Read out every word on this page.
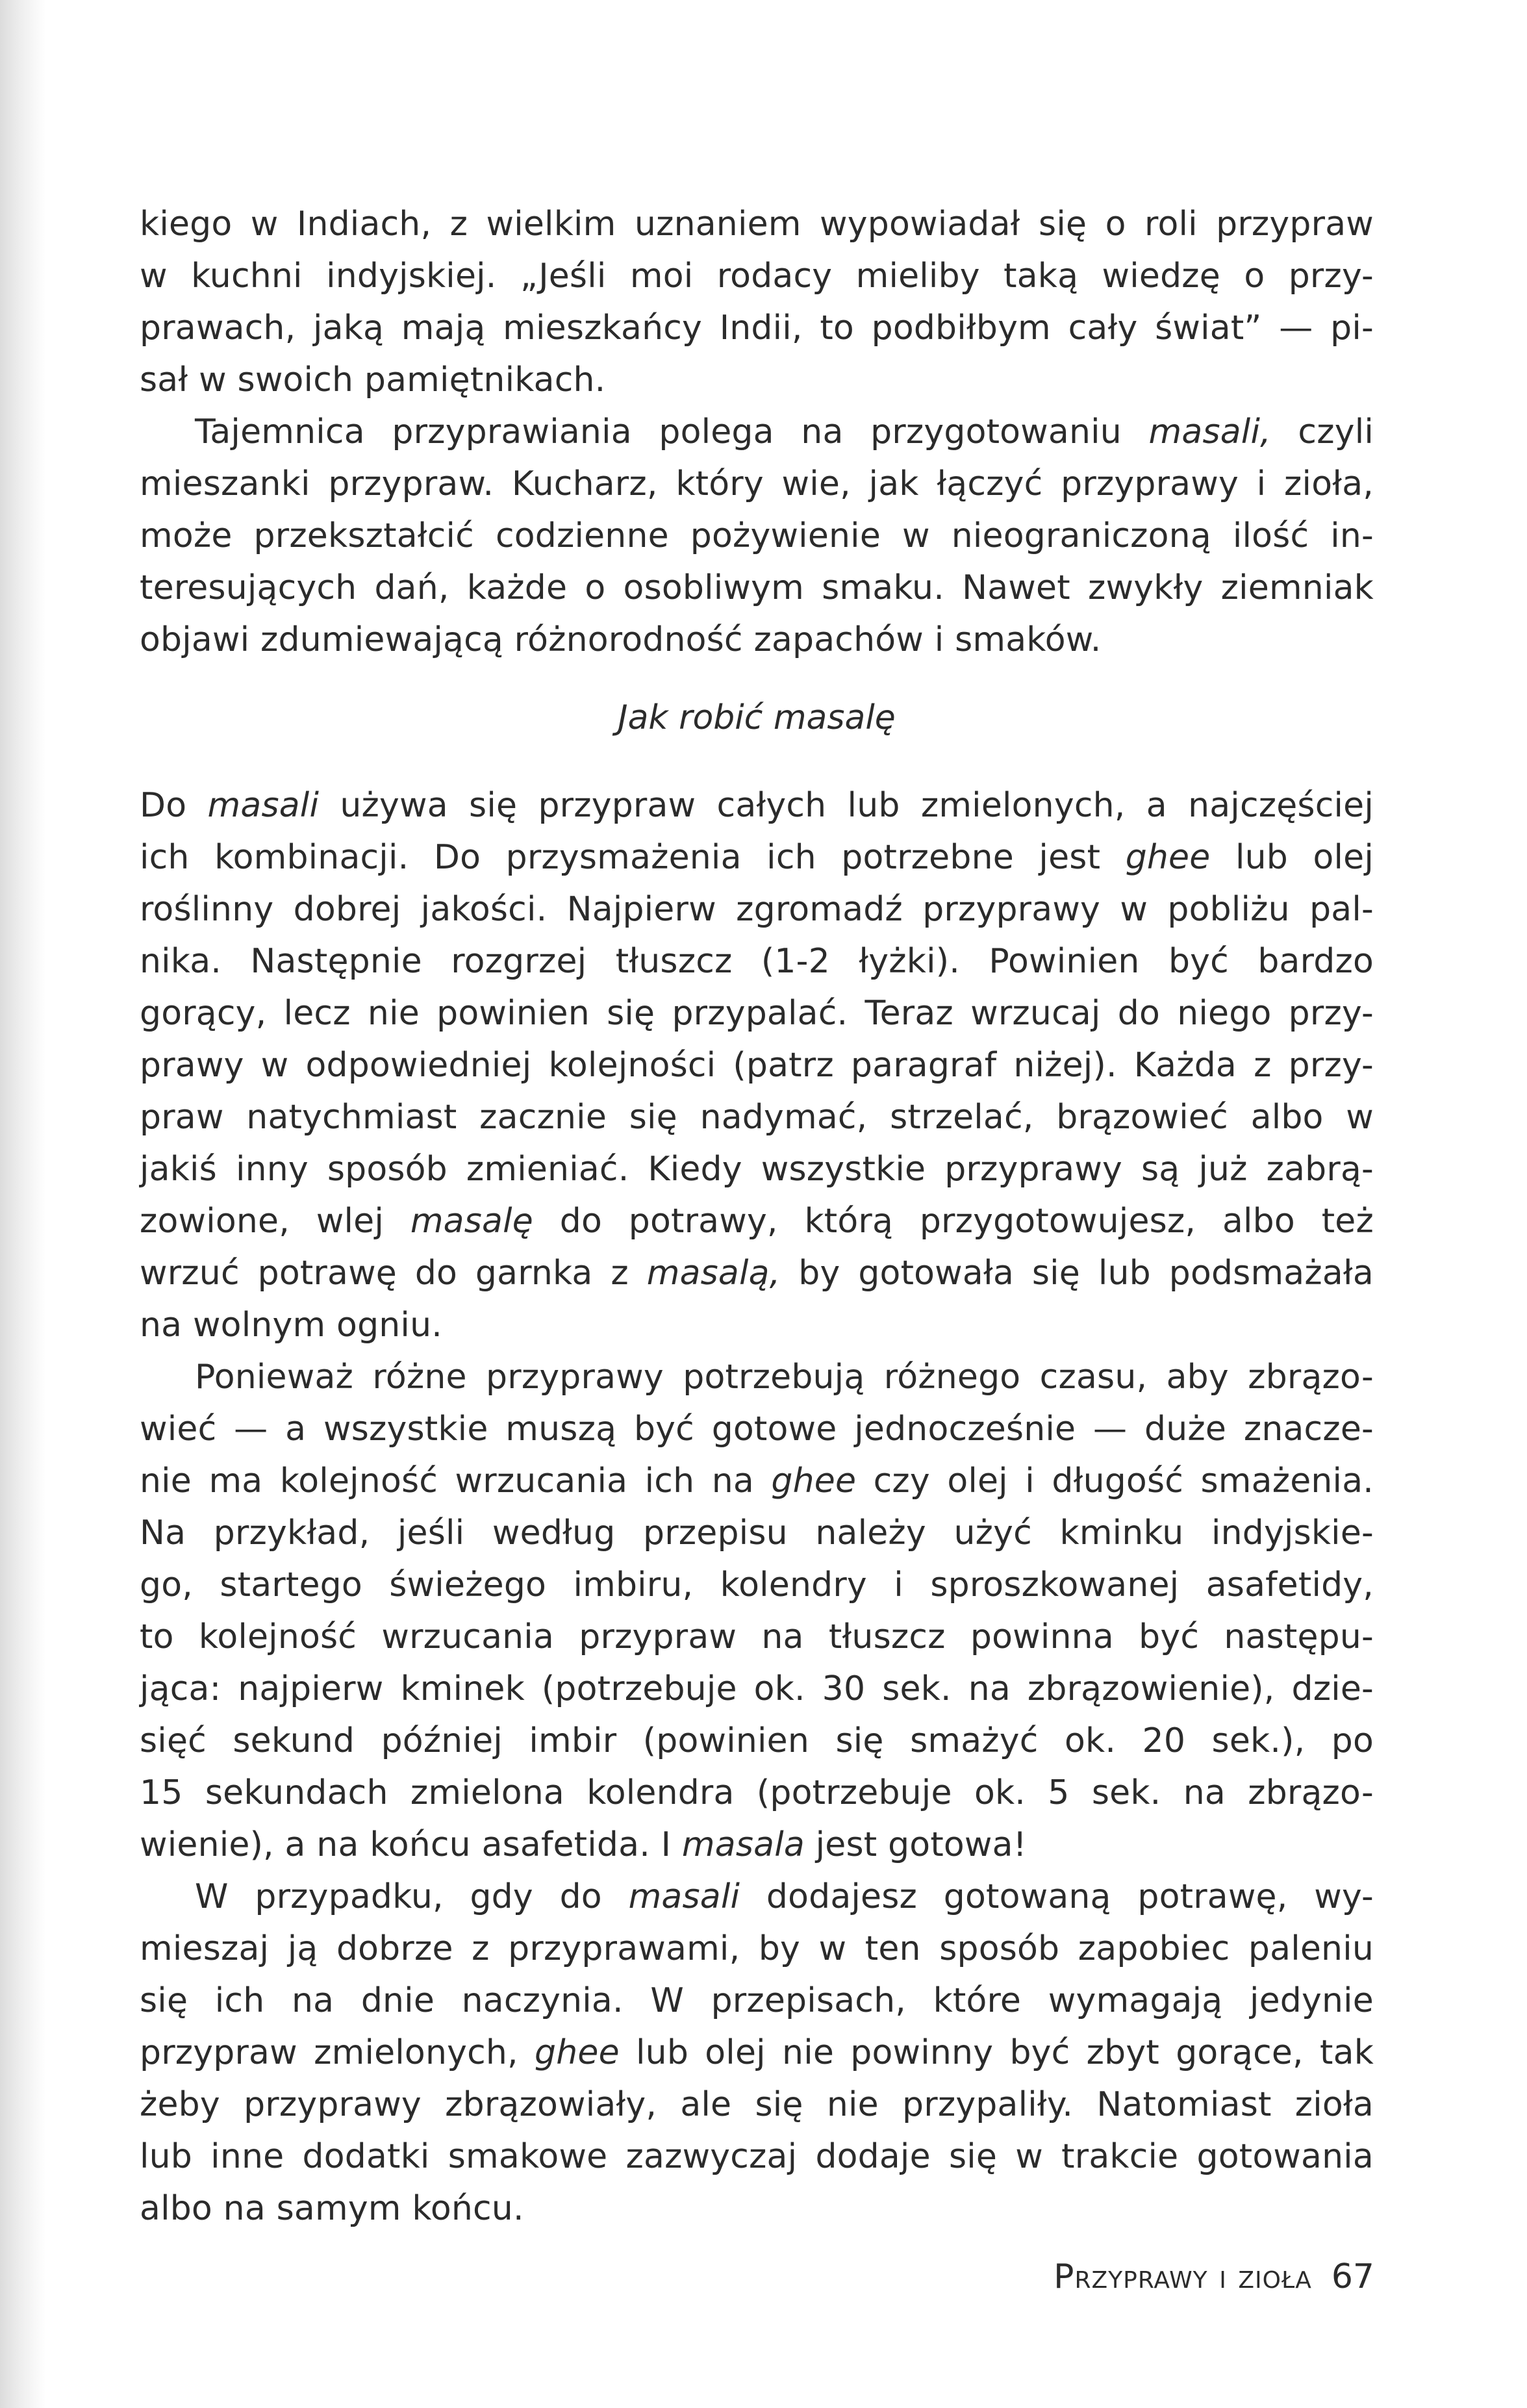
kiego w Indiach, z wielkim uznaniem wypowiadał się o roli przypraw
w kuchni indyjskiej. „Jeśli moi rodacy mieliby taką wiedzę o przy-
prawach, jaką mają mieszkańcy Indii, to podbiłbym cały świat” — pi-
sał w swoich pamiętnikach.
Tajemnica przyprawiania polega na przygotowaniu masali, czyli
mieszanki przypraw. Kucharz, który wie, jak łączyć przyprawy i zioła,
może przekształcić codzienne pożywienie w nieograniczoną ilość in-
teresujących dań, każde o osobliwym smaku. Nawet zwykły ziemniak
objawi zdumiewającą różnorodność zapachów i smaków.
Jak robić masalę
Do masali używa się przypraw całych lub zmielonych, a najczęściej
ich kombinacji. Do przysmażenia ich potrzebne jest ghee lub olej
roślinny dobrej jakości. Najpierw zgromadź przyprawy w pobliżu pal-
nika. Następnie rozgrzej tłuszcz (1-2 łyżki). Powinien być bardzo
gorący, lecz nie powinien się przypalać. Teraz wrzucaj do niego przy-
prawy w odpowiedniej kolejności (patrz paragraf niżej). Każda z przy-
praw natychmiast zacznie się nadymać, strzelać, brązowieć albo w
jakiś inny sposób zmieniać. Kiedy wszystkie przyprawy są już zabrą-
zowione, wlej masalę do potrawy, którą przygotowujesz, albo też
wrzuć potrawę do garnka z masalą, by gotowała się lub podsmażała
na wolnym ogniu.
Ponieważ różne przyprawy potrzebują różnego czasu, aby zbrązo-
wieć — a wszystkie muszą być gotowe jednocześnie — duże znacze-
nie ma kolejność wrzucania ich na ghee czy olej i długość smażenia.
Na przykład, jeśli według przepisu należy użyć kminku indyjskie-
go, startego świeżego imbiru, kolendry i sproszkowanej asafetidy,
to kolejność wrzucania przypraw na tłuszcz powinna być następu-
jąca: najpierw kminek (potrzebuje ok. 30 sek. na zbrązowienie), dzie-
sięć sekund później imbir (powinien się smażyć ok. 20 sek.), po
15 sekundach zmielona kolendra (potrzebuje ok. 5 sek. na zbrązo-
wienie), a na końcu asafetida. I masala jest gotowa!
W przypadku, gdy do masali dodajesz gotowaną potrawę, wy-
mieszaj ją dobrze z przyprawami, by w ten sposób zapobiec paleniu
się ich na dnie naczynia. W przepisach, które wymagają jedynie
przypraw zmielonych, ghee lub olej nie powinny być zbyt gorące, tak
żeby przyprawy zbrązowiały, ale się nie przypaliły. Natomiast zioła
lub inne dodatki smakowe zazwyczaj dodaje się w trakcie gotowania
albo na samym końcu.
Przyprawy i zioła 67
